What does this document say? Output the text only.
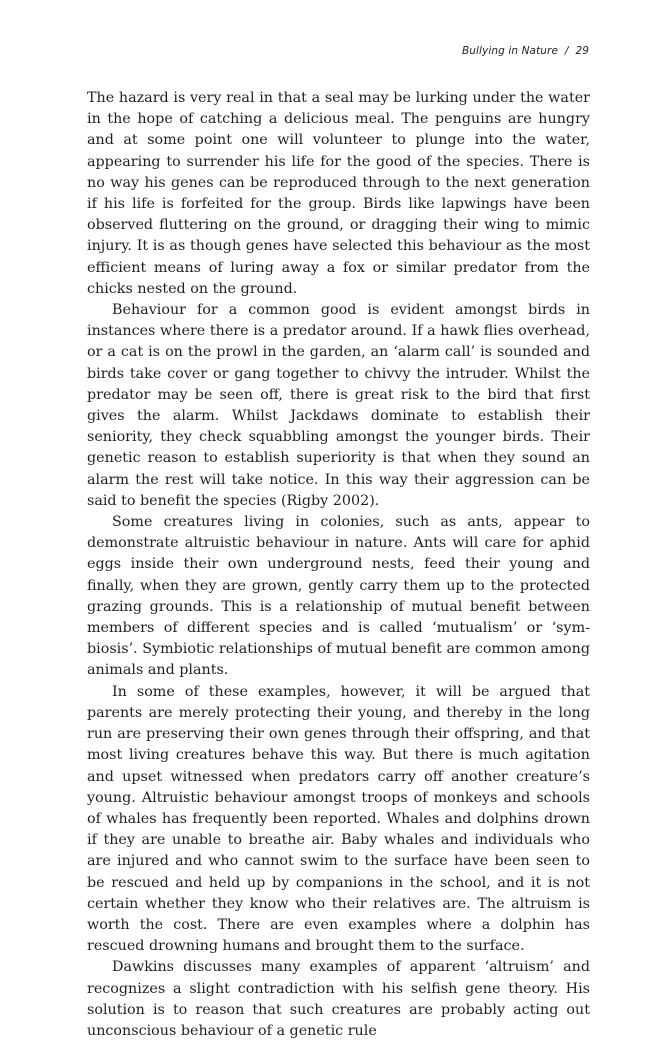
Bullying in Nature / 29

The hazard is very real in that a seal may be lurking under the water in the hope of catching a delicious meal. The penguins are hungry and at some point one will volunteer to plunge into the water, appearing to surrender his life for the good of the species. There is no way his genes can be reproduced through to the next generation if his life is forfeited for the group. Birds like lapwings have been observed fluttering on the ground, or dragging their wing to mimic injury. It is as though genes have selected this behaviour as the most efficient means of luring away a fox or similar predator from the chicks nested on the ground.

Behaviour for a common good is evident amongst birds in instances where there is a predator around. If a hawk flies overhead, or a cat is on the prowl in the garden, an ‘alarm call’ is sounded and birds take cover or gang together to chivvy the intruder. Whilst the predator may be seen off, there is great risk to the bird that first gives the alarm. Whilst Jackdaws dominate to establish their seniority, they check squabbling amongst the younger birds. Their genetic reason to establish superiority is that when they sound an alarm the rest will take notice. In this way their aggression can be said to benefit the species (Rigby 2002).

Some creatures living in colonies, such as ants, appear to demonstrate altruistic behaviour in nature. Ants will care for aphid eggs inside their own underground nests, feed their young and finally, when they are grown, gently carry them up to the protected grazing grounds. This is a relationship of mutual benefit between members of different species and is called ‘mutualism’ or ‘symbiosis’. Symbiotic relationships of mutual benefit are common among animals and plants.

In some of these examples, however, it will be argued that parents are merely protecting their young, and thereby in the long run are preserving their own genes through their offspring, and that most living creatures behave this way. But there is much agitation and upset witnessed when predators carry off another creature’s young. Altruistic behaviour amongst troops of monkeys and schools of whales has frequently been reported. Whales and dolphins drown if they are unable to breathe air. Baby whales and individuals who are injured and who cannot swim to the surface have been seen to be rescued and held up by companions in the school, and it is not certain whether they know who their relatives are. The altruism is worth the cost. There are even examples where a dolphin has rescued drowning humans and brought them to the surface.

Dawkins discusses many examples of apparent ‘altruism’ and recognizes a slight contradiction with his selfish gene theory. His solution is to reason that such creatures are probably acting out unconscious behaviour of a genetic rule
